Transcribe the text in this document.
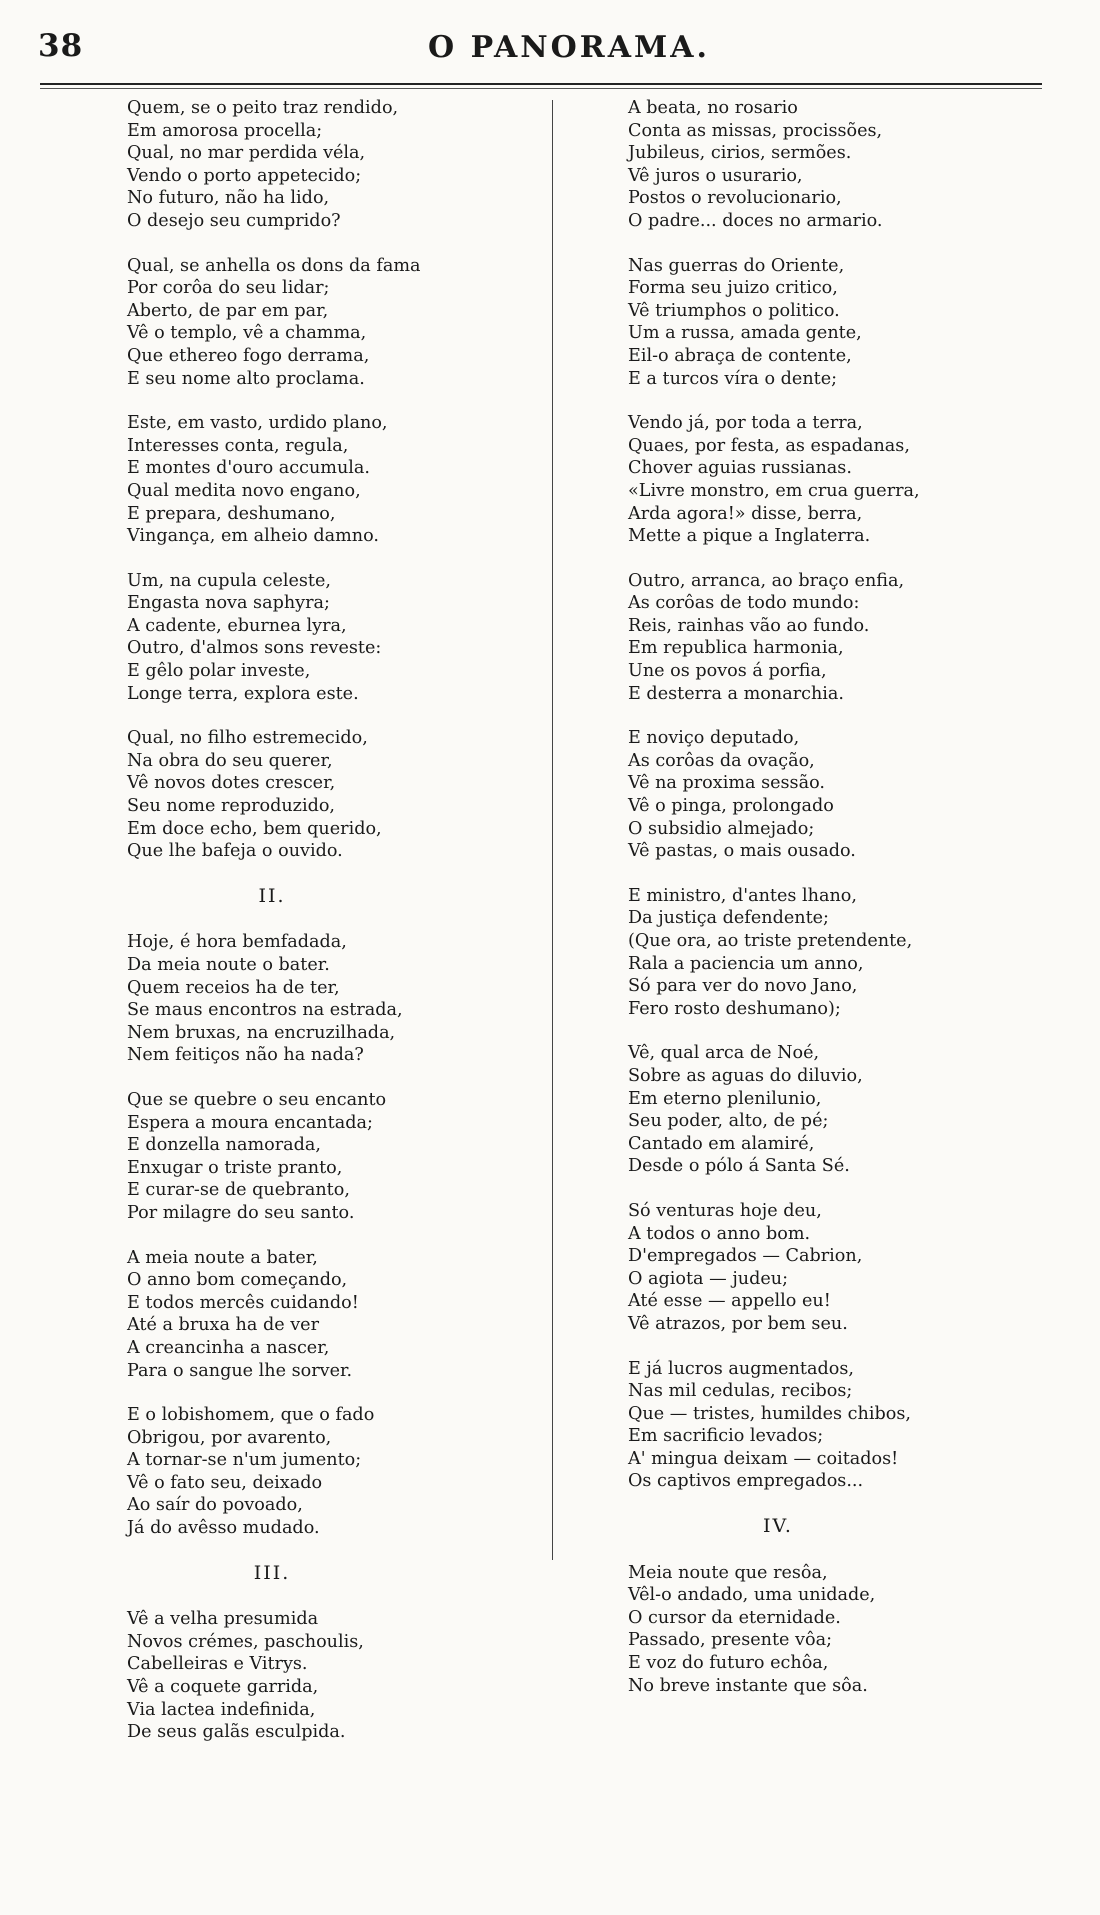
38	O PANORAMA.
Quem, se o peito traz rendido,
Em amorosa procella;
Qual, no mar perdida véla,
Vendo o porto appetecido;
No futuro, não ha lido,
O desejo seu cumprido?
Qual, se anhella os dons da fama
Por corôa do seu lidar;
Aberto, de par em par,
Vê o templo, vê a chamma,
Que ethereo fogo derrama,
E seu nome alto proclama.
Este, em vasto, urdido plano,
Interesses conta, regula,
E montes d'ouro accumula.
Qual medita novo engano,
E prepara, deshumano,
Vingança, em alheio damno.
Um, na cupula celeste,
Engasta nova saphyra;
A cadente, eburnea lyra,
Outro, d'almos sons reveste:
E gêlo polar investe,
Longe terra, explora este.
Qual, no filho estremecido,
Na obra do seu querer,
Vê novos dotes crescer,
Seu nome reproduzido,
Em doce echo, bem querido,
Que lhe bafeja o ouvido.
II.
Hoje, é hora bemfadada,
Da meia noute o bater.
Quem receios ha de ter,
Se maus encontros na estrada,
Nem bruxas, na encruzilhada,
Nem feitiços não ha nada?
Que se quebre o seu encanto
Espera a moura encantada;
E donzella namorada,
Enxugar o triste pranto,
E curar-se de quebranto,
Por milagre do seu santo.
A meia noute a bater,
O anno bom começando,
E todos mercês cuidando!
Até a bruxa ha de ver
A creancinha a nascer,
Para o sangue lhe sorver.
E o lobishomem, que o fado
Obrigou, por avarento,
A tornar-se n'um jumento;
Vê o fato seu, deixado
Ao saír do povoado,
Já do avêsso mudado.
III.
Vê a velha presumida
Novos crémes, paschoulis,
Cabelleiras e Vitrys.
Vê a coquete garrida,
Via lactea indefinida,
De seus galãs esculpida.
A beata, no rosario
Conta as missas, procissões,
Jubileus, cirios, sermões.
Vê juros o usurario,
Postos o revolucionario,
O padre... doces no armario.
Nas guerras do Oriente,
Forma seu juizo critico,
Vê triumphos o politico.
Um a russa, amada gente,
Eil-o abraça de contente,
E a turcos víra o dente;
Vendo já, por toda a terra,
Quaes, por festa, as espadanas,
Chover aguias russianas.
«Livre monstro, em crua guerra,
Arda agora!» disse, berra,
Mette a pique a Inglaterra.
Outro, arranca, ao braço enfia,
As corôas de todo mundo:
Reis, rainhas vão ao fundo.
Em republica harmonia,
Une os povos á porfia,
E desterra a monarchia.
E noviço deputado,
As corôas da ovação,
Vê na proxima sessão.
Vê o pinga, prolongado
O subsidio almejado;
Vê pastas, o mais ousado.
E ministro, d'antes lhano,
Da justiça defendente;
(Que ora, ao triste pretendente,
Rala a paciencia um anno,
Só para ver do novo Jano,
Fero rosto deshumano);
Vê, qual arca de Noé,
Sobre as aguas do diluvio,
Em eterno plenilunio,
Seu poder, alto, de pé;
Cantado em alamiré,
Desde o pólo á Santa Sé.
Só venturas hoje deu,
A todos o anno bom.
D'empregados — Cabrion,
O agiota — judeu;
Até esse — appello eu!
Vê atrazos, por bem seu.
E já lucros augmentados,
Nas mil cedulas, recibos;
Que — tristes, humildes chibos,
Em sacrificio levados;
A' mingua deixam — coitados!
Os captivos empregados...
IV.
Meia noute que resôa,
Vêl-o andado, uma unidade,
O cursor da eternidade.
Passado, presente vôa;
E voz do futuro echôa,
No breve instante que sôa.
